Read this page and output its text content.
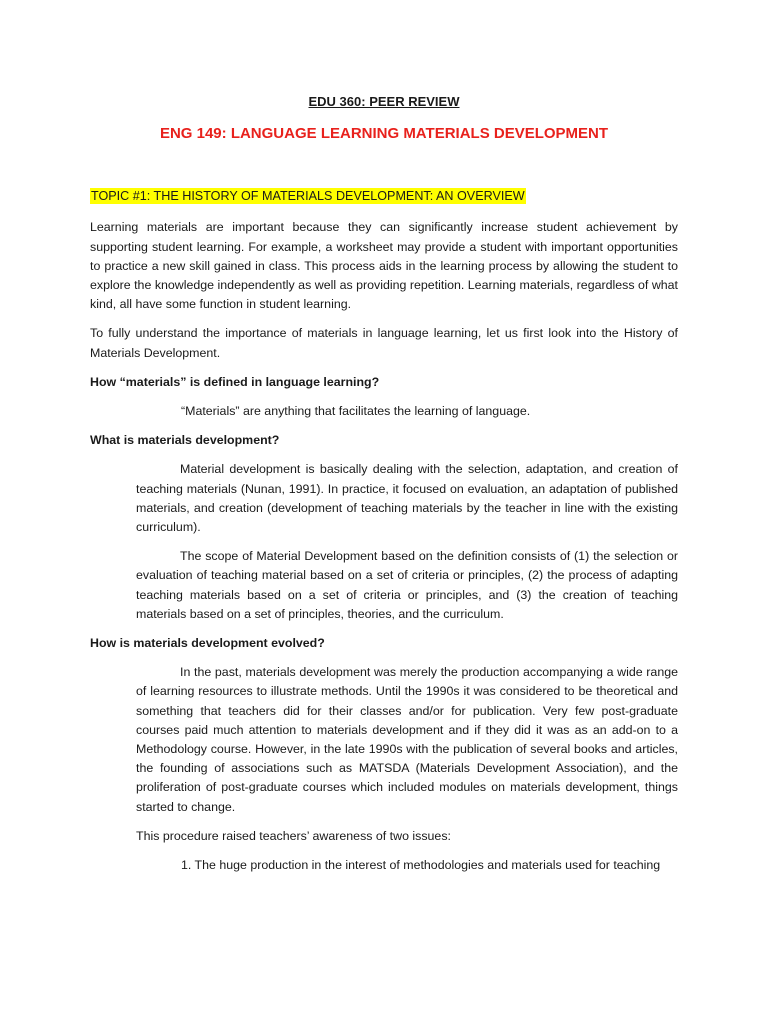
EDU 360: PEER REVIEW

ENG 149: LANGUAGE LEARNING MATERIALS DEVELOPMENT

TOPIC #1: THE HISTORY OF MATERIALS DEVELOPMENT: AN OVERVIEW

Learning materials are important because they can significantly increase student achievement by supporting student learning. For example, a worksheet may provide a student with important opportunities to practice a new skill gained in class. This process aids in the learning process by allowing the student to explore the knowledge independently as well as providing repetition. Learning materials, regardless of what kind, all have some function in student learning.

To fully understand the importance of materials in language learning, let us first look into the History of Materials Development.

How “materials” is defined in language learning?

“Materials” are anything that facilitates the learning of language.

What is materials development?

Material development is basically dealing with the selection, adaptation, and creation of teaching materials (Nunan, 1991). In practice, it focused on evaluation, an adaptation of published materials, and creation (development of teaching materials by the teacher in line with the existing curriculum).

The scope of Material Development based on the definition consists of (1) the selection or evaluation of teaching material based on a set of criteria or principles, (2) the process of adapting teaching materials based on a set of criteria or principles, and (3) the creation of teaching materials based on a set of principles, theories, and the curriculum.

How is materials development evolved?

In the past, materials development was merely the production accompanying a wide range of learning resources to illustrate methods. Until the 1990s it was considered to be theoretical and something that teachers did for their classes and/or for publication. Very few post-graduate courses paid much attention to materials development and if they did it was as an add-on to a Methodology course. However, in the late 1990s with the publication of several books and articles, the founding of associations such as MATSDA (Materials Development Association), and the proliferation of post-graduate courses which included modules on materials development, things started to change.

This procedure raised teachers’ awareness of two issues:

1. The huge production in the interest of methodologies and materials used for teaching
